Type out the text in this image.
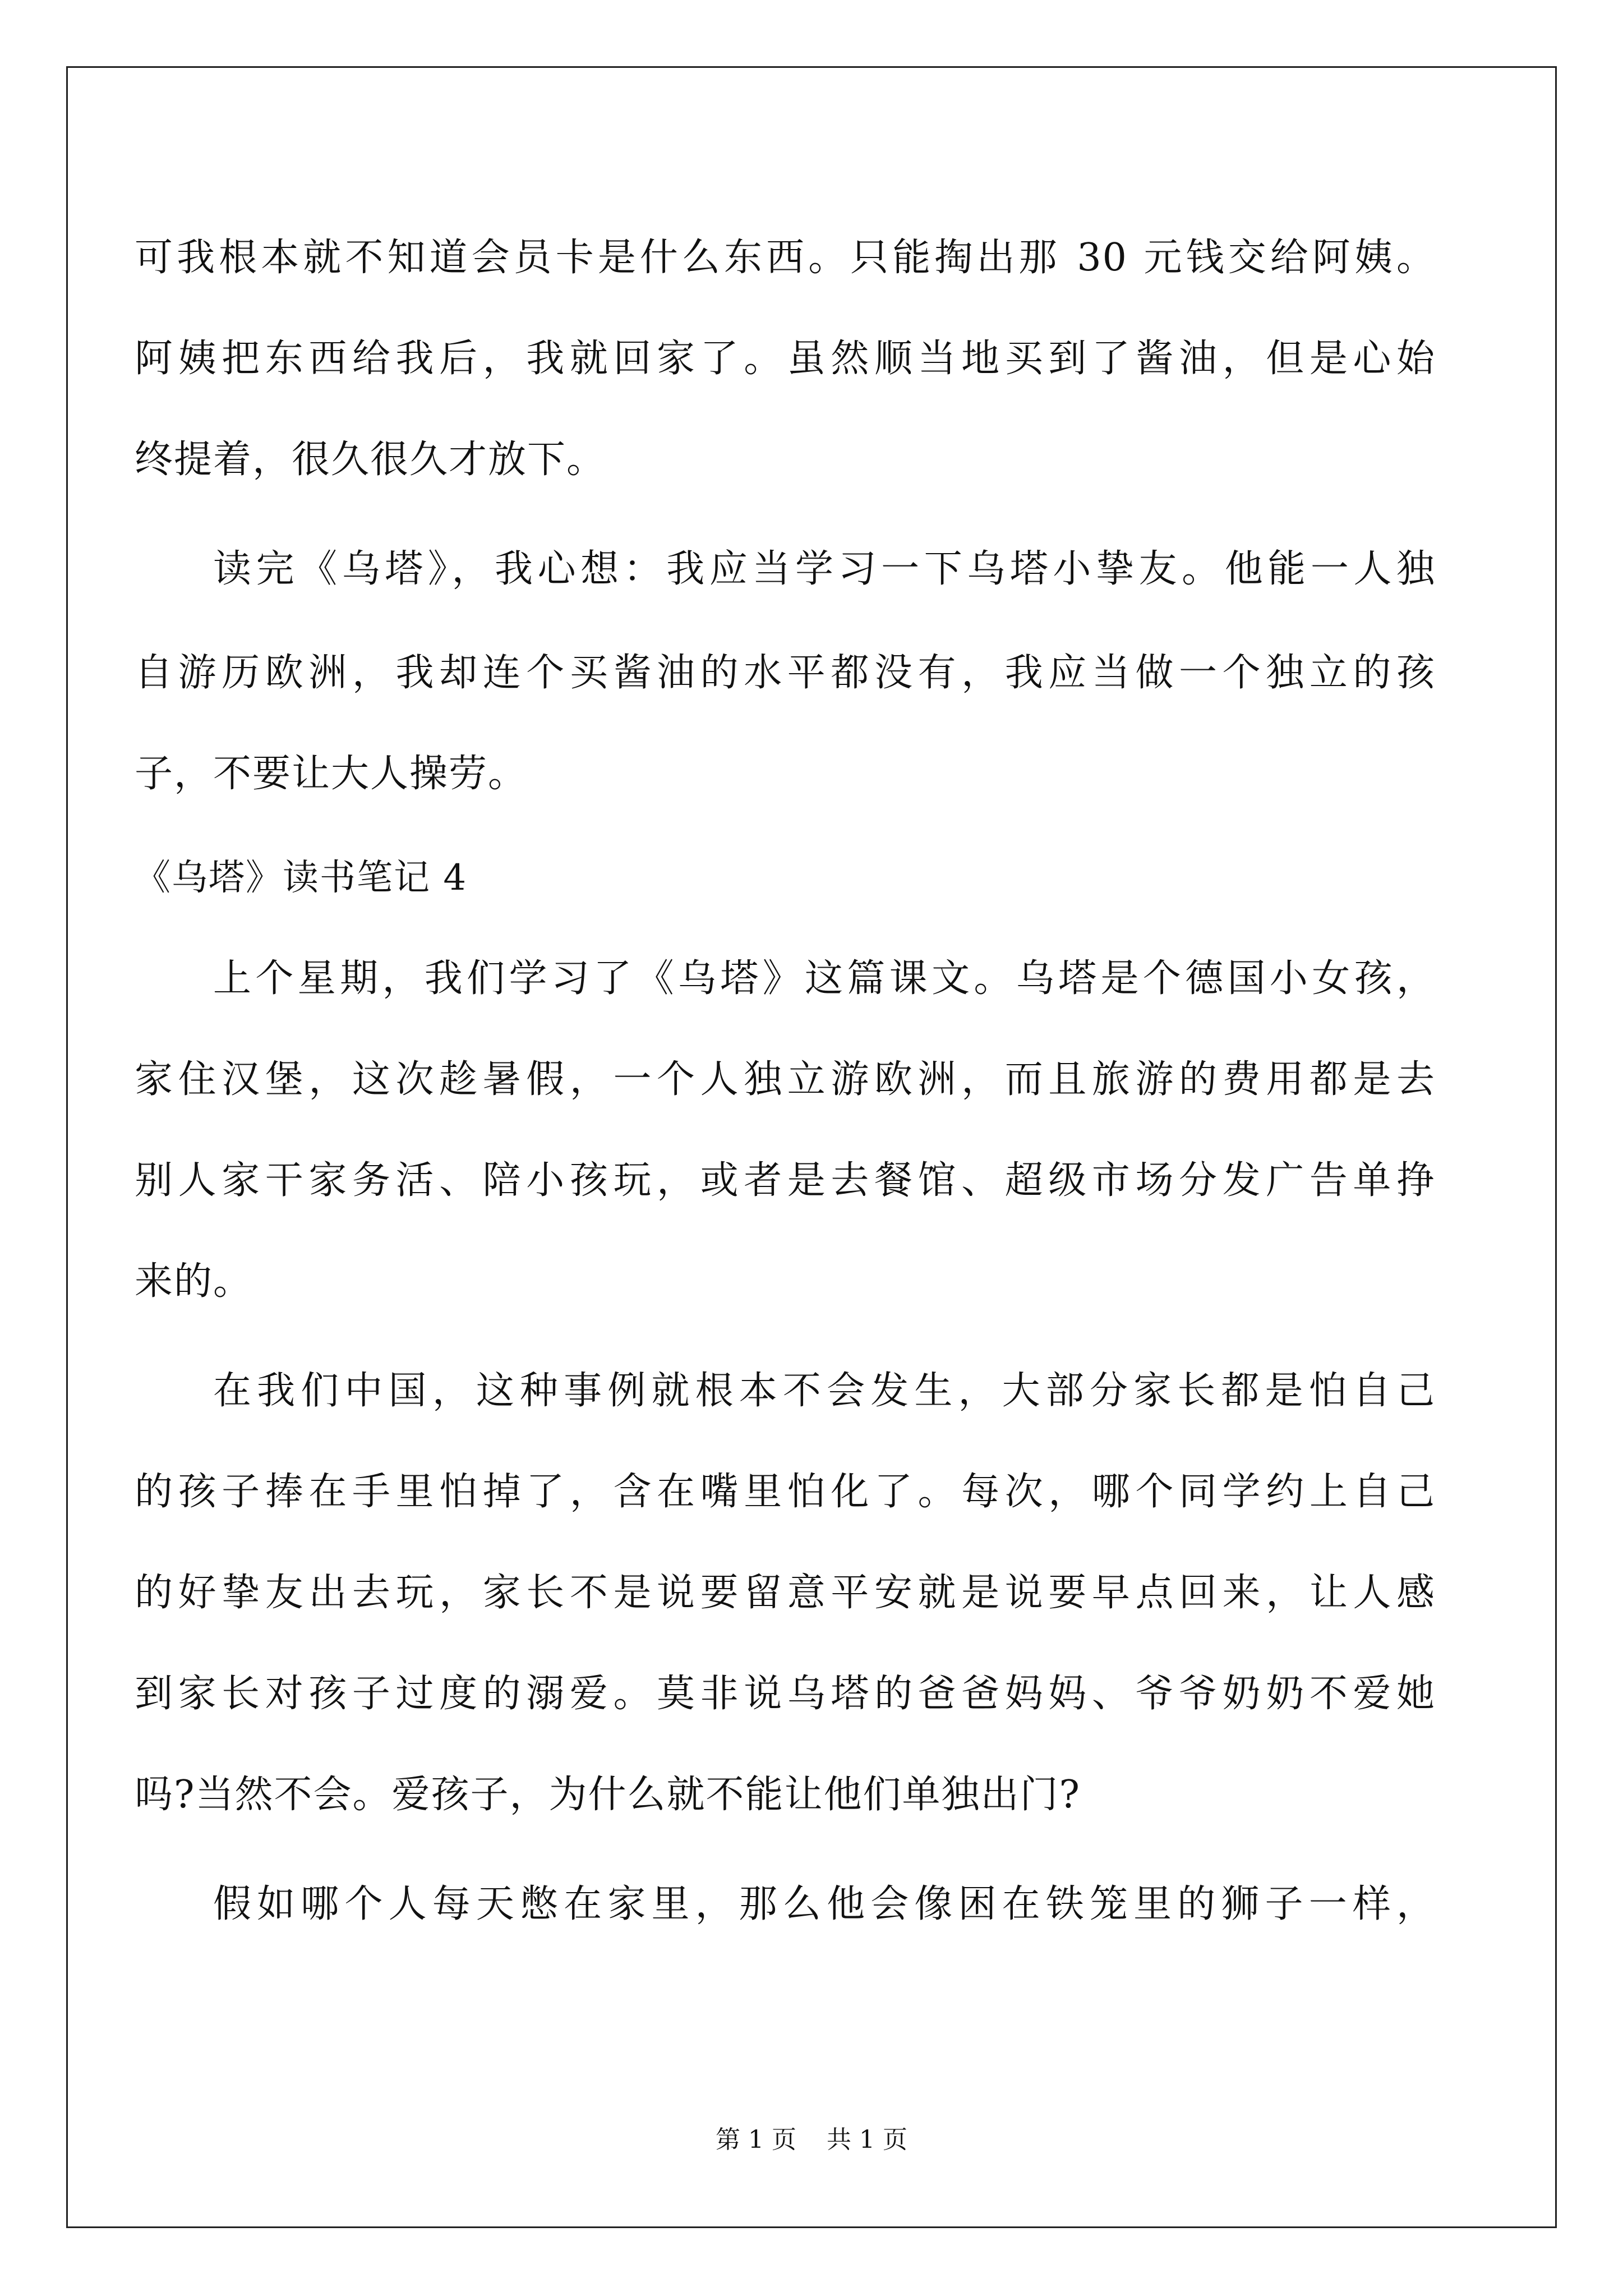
可我根本就不知道会员卡是什么东西。只能掏出那 30 元钱交给阿姨。
阿姨把东西给我后，我就回家了。虽然顺当地买到了酱油，但是心始
终提着，很久很久才放下。
读完《乌塔》，我心想：我应当学习一下乌塔小挚友。他能一人独
自游历欧洲，我却连个买酱油的水平都没有，我应当做一个独立的孩
子，不要让大人操劳。
《乌塔》读书笔记 4
上个星期，我们学习了《乌塔》这篇课文。乌塔是个德国小女孩，
家住汉堡，这次趁暑假，一个人独立游欧洲，而且旅游的费用都是去
别人家干家务活、陪小孩玩，或者是去餐馆、超级市场分发广告单挣
来的。
在我们中国，这种事例就根本不会发生，大部分家长都是怕自己
的孩子捧在手里怕掉了，含在嘴里怕化了。每次，哪个同学约上自己
的好挚友出去玩，家长不是说要留意平安就是说要早点回来，让人感
到家长对孩子过度的溺爱。莫非说乌塔的爸爸妈妈、爷爷奶奶不爱她
吗?当然不会。爱孩子，为什么就不能让他们单独出门?
假如哪个人每天憋在家里，那么他会像困在铁笼里的狮子一样，
第 1 页 共 1 页
